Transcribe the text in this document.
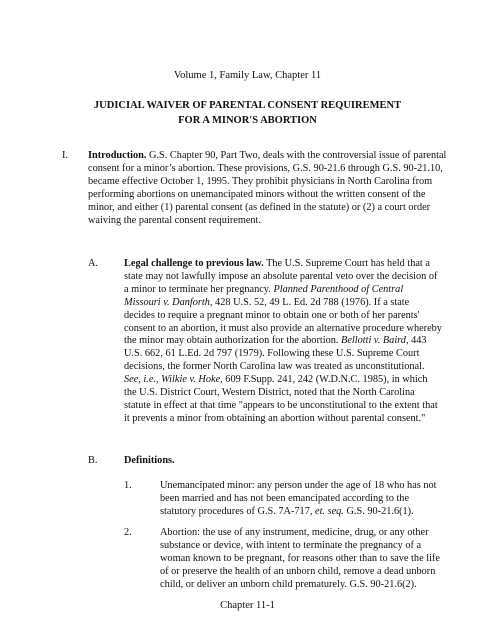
Volume 1, Family Law, Chapter 11
JUDICIAL WAIVER OF PARENTAL CONSENT REQUIREMENT
FOR A MINOR'S ABORTION
I. Introduction. G.S. Chapter 90, Part Two, deals with the controversial issue of parental consent for a minor’s abortion. These provisions, G.S. 90-21.6 through G.S. 90-21.10, became effective October 1, 1995. They prohibit physicians in North Carolina from performing abortions on unemancipated minors without the written consent of the minor, and either (1) parental consent (as defined in the statute) or (2) a court order waiving the parental consent requirement.
A.	Legal challenge to previous law. The U.S. Supreme Court has held that a state may not lawfully impose an absolute parental veto over the decision of a minor to terminate her pregnancy. Planned Parenthood of Central Missouri v. Danforth, 428 U.S. 52, 49 L. Ed. 2d 788 (1976). If a state decides to require a pregnant minor to obtain one or both of her parents' consent to an abortion, it must also provide an alternative procedure whereby the minor may obtain authorization for the abortion. Bellotti v. Baird, 443 U.S. 662, 61 L.Ed. 2d 797 (1979). Following these U.S. Supreme Court decisions, the former North Carolina law was treated as unconstitutional. See, i.e., Wilkie v. Hoke, 609 F.Supp. 241, 242 (W.D.N.C. 1985), in which the U.S. District Court, Western District, noted that the North Carolina statute in effect at that time "appears to be unconstitutional to the extent that it prevents a minor from obtaining an abortion without parental consent."
B.	Definitions.
1.	Unemancipated minor: any person under the age of 18 who has not been married and has not been emancipated according to the statutory procedures of G.S. 7A-717, et. seq. G.S. 90-21.6(1).
2.	Abortion: the use of any instrument, medicine, drug, or any other substance or device, with intent to terminate the pregnancy of a woman known to be pregnant, for reasons other than to save the life of or preserve the health of an unborn child, remove a dead unborn child, or deliver an unborn child prematurely. G.S. 90-21.6(2).
Chapter 11-1
